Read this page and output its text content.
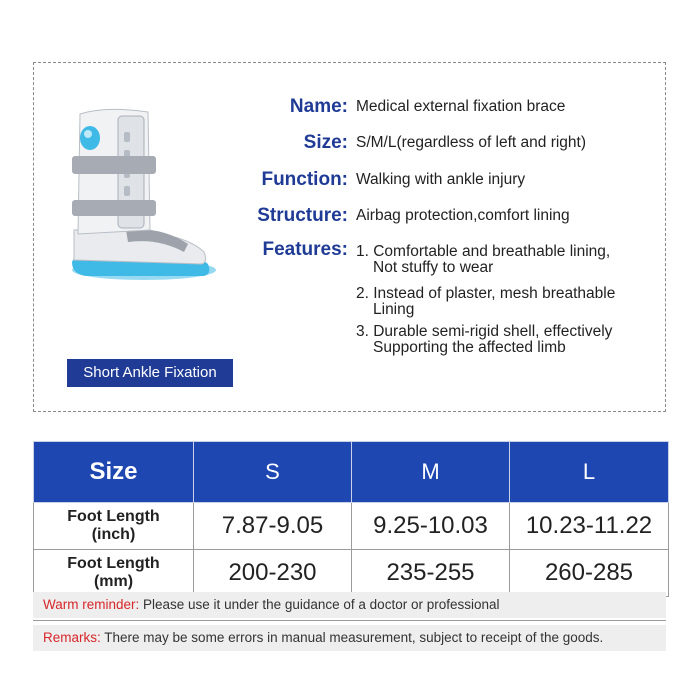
Short Ankle Fixation
Name: Medical external fixation brace
Size: S/M/L(regardless of left and right)
Function: Walking with ankle injury
Structure: Airbag protection,comfort lining
Features: 1. Comfortable and breathable lining,
Not stuffy to wear
2. Instead of plaster, mesh breathable
Lining
3. Durable semi-rigid shell, effectively
Supporting the affected limb
Size	S	M	L
Foot Length
(inch)	7.87-9.05	9.25-10.03	10.23-11.22
Foot Length
(mm)	200-230	235-255	260-285
Warm reminder: Please use it under the guidance of a doctor or professional
Remarks: There may be some errors in manual measurement, subject to receipt of the goods.
